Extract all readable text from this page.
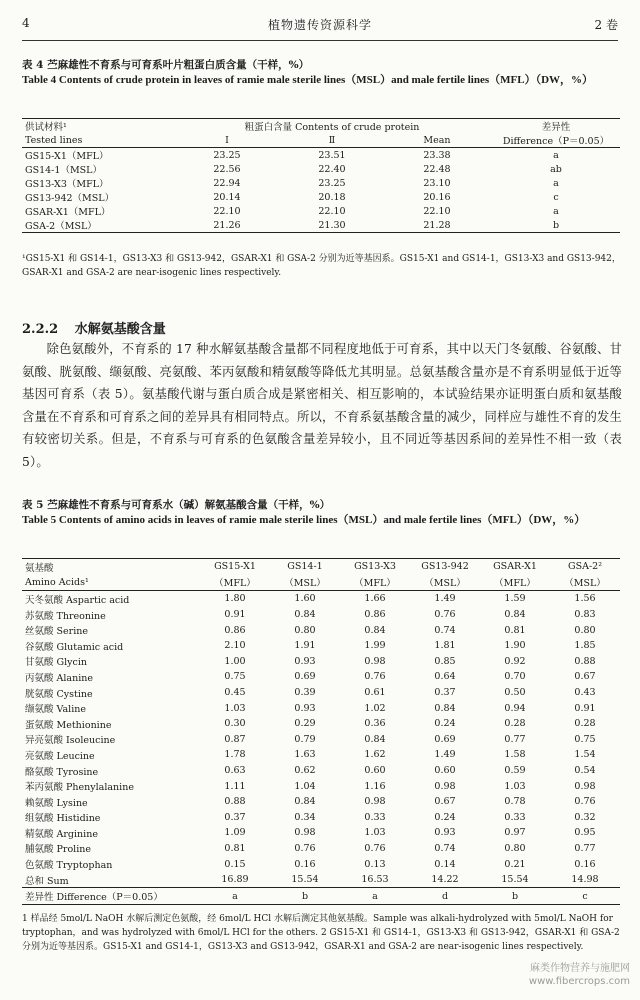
4	植物遗传资源科学	2 卷
表 4 苎麻雄性不育系与可育系叶片粗蛋白质含量（干样，%）
Table 4 Contents of crude protein in leaves of ramie male sterile lines（MSL）and male fertile lines（MFL）（DW，%）
供试材料¹	粗蛋白含量 Contents of crude protein			差异性
Tested lines	Ⅰ	Ⅱ	Mean	Difference（P＝0.05）
GS15-X1（MFL）	23.25	23.51	23.38	a
GS14-1（MSL）	22.56	22.40	22.48	ab
GS13-X3（MFL）	22.94	23.25	23.10	a
GS13-942（MSL）	20.14	20.18	20.16	c
GSAR-X1（MFL）	22.10	22.10	22.10	a
GSA-2（MSL）	21.26	21.30	21.28	b
¹GS15-X1 和 GS14-1，GS13-X3 和 GS13-942，GSAR-X1 和 GSA-2 分别为近等基因系。GS15-X1 and GS14-1，GS13-X3 and GS13-942，GSAR-X1 and GSA-2 are near-isogenic lines respectively.
2.2.2 水解氨基酸含量
除色氨酸外，不育系的 17 种水解氨基酸含量都不同程度地低于可育系，其中以天门冬氨酸、谷氨酸、甘氨酸、胱氨酸、缬氨酸、亮氨酸、苯丙氨酸和精氨酸等降低尤其明显。总氨基酸含量亦是不育系明显低于近等基因可育系（表 5）。氨基酸代谢与蛋白质合成是紧密相关、相互影响的，本试验结果亦证明蛋白质和氨基酸含量在不育系和可育系之间的差异具有相同特点。所以，不育系氨基酸含量的减少，同样应与雄性不育的发生有较密切关系。但是，不育系与可育系的色氨酸含量差异较小，且不同近等基因系间的差异性不相一致（表 5）。
表 5 苎麻雄性不育系与可育系水（碱）解氨基酸含量（干样，%）
Table 5 Contents of amino acids in leaves of ramie male sterile lines（MSL）and male fertile lines（MFL）（DW，%）
氨基酸	GS15-X1	GS14-1	GS13-X3	GS13-942	GSAR-X1	GSA-2²
Amino Acids¹	（MFL）	（MSL）	（MFL）	（MSL）	（MFL）	（MSL）
天冬氨酸 Aspartic acid	1.80	1.60	1.66	1.49	1.59	1.56
苏氨酸 Threonine	0.91	0.84	0.86	0.76	0.84	0.83
丝氨酸 Serine	0.86	0.80	0.84	0.74	0.81	0.80
谷氨酸 Glutamic acid	2.10	1.91	1.99	1.81	1.90	1.85
甘氨酸 Glycin	1.00	0.93	0.98	0.85	0.92	0.88
丙氨酸 Alanine	0.75	0.69	0.76	0.64	0.70	0.67
胱氨酸 Cystine	0.45	0.39	0.61	0.37	0.50	0.43
缬氨酸 Valine	1.03	0.93	1.02	0.84	0.94	0.91
蛋氨酸 Methionine	0.30	0.29	0.36	0.24	0.28	0.28
异亮氨酸 Isoleucine	0.87	0.79	0.84	0.69	0.77	0.75
亮氨酸 Leucine	1.78	1.63	1.62	1.49	1.58	1.54
酪氨酸 Tyrosine	0.63	0.62	0.60	0.60	0.59	0.54
苯丙氨酸 Phenylalanine	1.11	1.04	1.16	0.98	1.03	0.98
赖氨酸 Lysine	0.88	0.84	0.98	0.67	0.78	0.76
组氨酸 Histidine	0.37	0.34	0.33	0.24	0.33	0.32
精氨酸 Arginine	1.09	0.98	1.03	0.93	0.97	0.95
脯氨酸 Proline	0.81	0.76	0.76	0.74	0.80	0.77
色氨酸 Tryptophan	0.15	0.16	0.13	0.14	0.21	0.16
总和 Sum	16.89	15.54	16.53	14.22	15.54	14.98
差异性 Difference（P＝0.05）	a	b	a	d	b	c
1 样品经 5mol/L NaOH 水解后测定色氨酸，经 6mol/L HCl 水解后测定其他氨基酸。Sample was alkali-hydrolyzed with 5mol/L NaOH for tryptophan，and was hydrolyzed with 6mol/L HCl for the others. 2 GS15-X1 和 GS14-1，GS13-X3 和 GS13-942，GSAR-X1 和 GSA-2 分别为近等基因系。GS15-X1 and GS14-1，GS13-X3 and GS13-942，GSAR-X1 and GSA-2 are near-isogenic lines respectively.
麻类作物营养与施肥网
www.fibercrops.com
